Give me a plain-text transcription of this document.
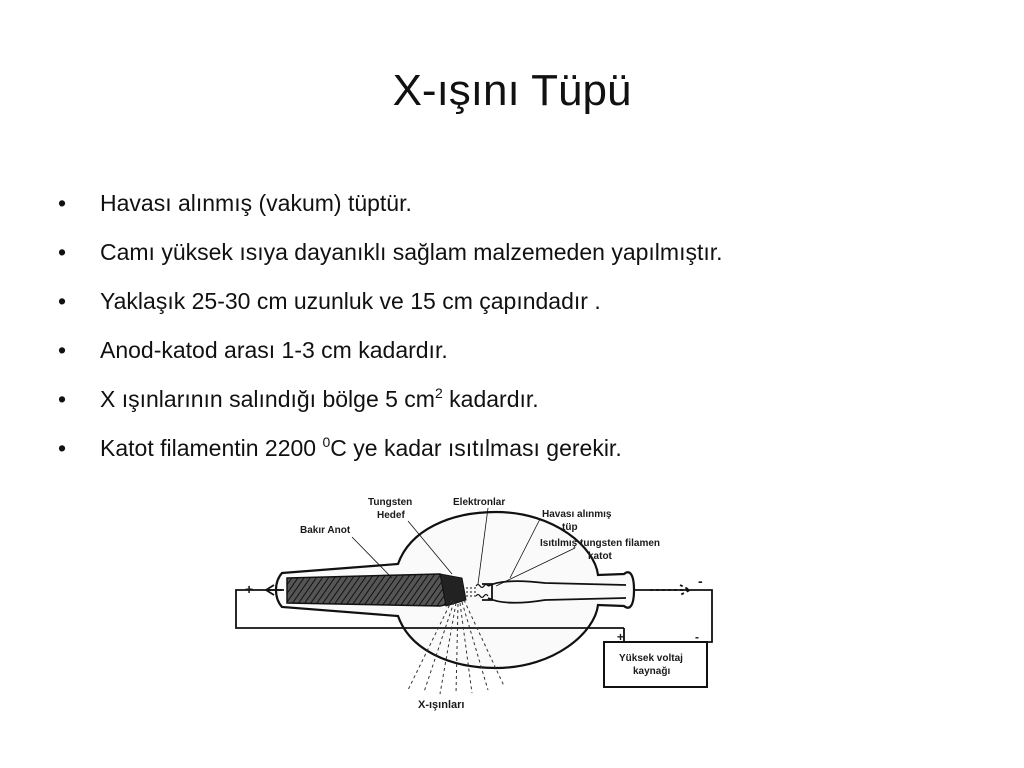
X-ışını Tüpü
• Havası alınmış (vakum) tüptür.
• Camı yüksek ısıya dayanıklı sağlam malzemeden yapılmıştır.
• Yaklaşık 25-30 cm uzunluk ve 15 cm çapındadır .
• Anod-katod arası 1-3 cm kadardır.
• X ışınlarının salındığı bölge 5 $cm^2$ kadardır.
• Katot filamentin 2200 $^0$C ye kadar ısıtılması gerekir.
Tungsten
Hedef
Elektronlar
Bakır Anot
Havası alınmış
tüp
Isıtılmış tungsten filamen
katot
X-ışınları
+	-
+	-
Yüksek voltaj
kaynağı
